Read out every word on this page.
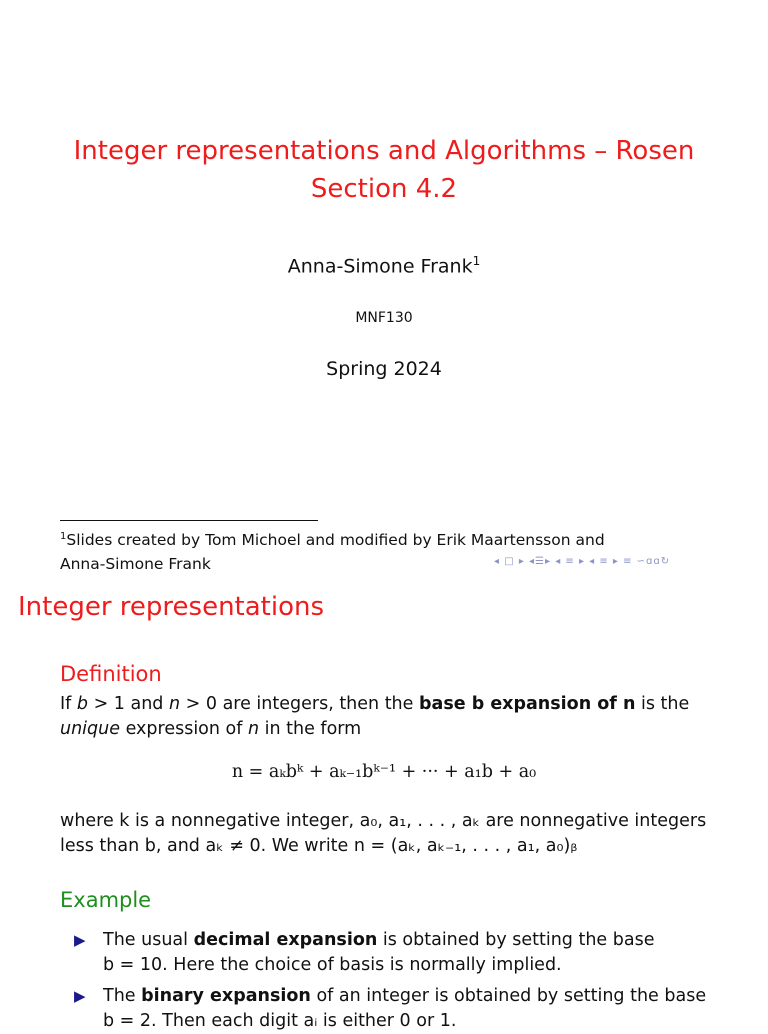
Integer representations and Algorithms – Rosen
Section 4.2
Anna-Simone Frank$^1$
MNF130
Spring 2024
$^1$Slides created by Tom Michoel and modified by Erik Maartensson and
Anna-Simone Frank	◂ □ ▸ ◂☰▸ ◂ ≡ ▸ ◂ ≡ ▸ ≡ ∽ɑɑ↻
Integer representations
Definition
If b > 1 and n > 0 are integers, then the base b expansion of n is the unique expression of n in the form
n = aₖbᵏ + aₖ₋₁bᵏ⁻¹ + ··· + a₁b + a₀
where k is a nonnegative integer, a₀, a₁, . . . , aₖ are nonnegative integers
less than b, and aₖ ≠ 0. We write n = (aₖ, aₖ₋₁, . . . , a₁, a₀)ᵦ
Example
▶ The usual decimal expansion is obtained by setting the base
b = 10. Here the choice of basis is normally implied.
▶ The binary expansion of an integer is obtained by setting the base
b = 2. Then each digit aᵢ is either 0 or 1.
